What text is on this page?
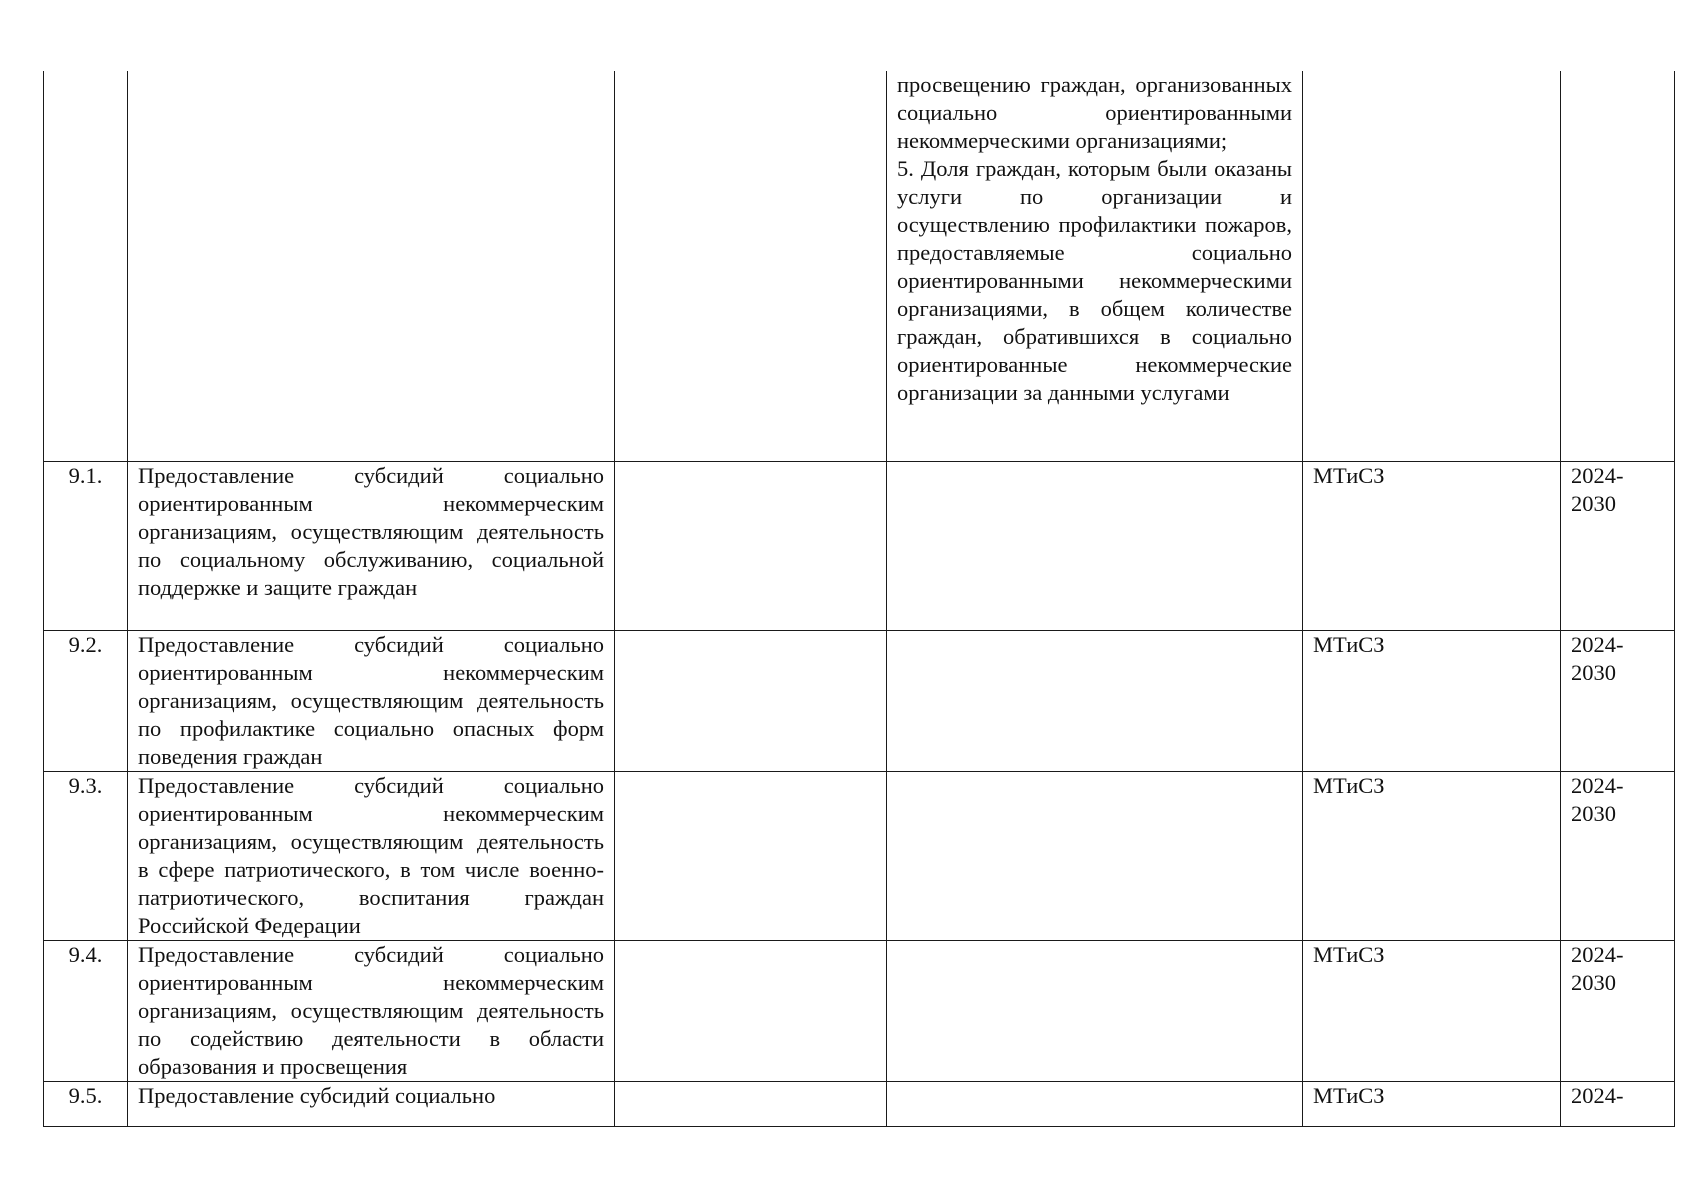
			просвещению граждан, организованных социально ориентированными некоммерческими организациями;
5. Доля граждан, которым были оказаны услуги по организации и осуществлению профилактики пожаров, предоставляемые социально ориентированными некоммерческими организациями, в общем количестве граждан, обратившихся в социально ориентированные некоммерческие организации за данными услугами		

9.1.	Предоставление субсидий социально ориентированным некоммерческим организациям, осуществляющим деятельность по социальному обслуживанию, социальной поддержке и защите граждан			МТиСЗ	2024-2030
9.2.	Предоставление субсидий социально ориентированным некоммерческим организациям, осуществляющим деятельность по профилактике социально опасных форм поведения граждан			МТиСЗ	2024-2030
9.3.	Предоставление субсидий социально ориентированным некоммерческим организациям, осуществляющим деятельность в сфере патриотического, в том числе военно-патриотического, воспитания граждан Российской Федерации			МТиСЗ	2024-2030
9.4.	Предоставление субсидий социально ориентированным некоммерческим организациям, осуществляющим деятельность по содействию деятельности в области образования и просвещения			МТиСЗ	2024-2030
9.5.	Предоставление субсидий социально			МТиСЗ	2024-
